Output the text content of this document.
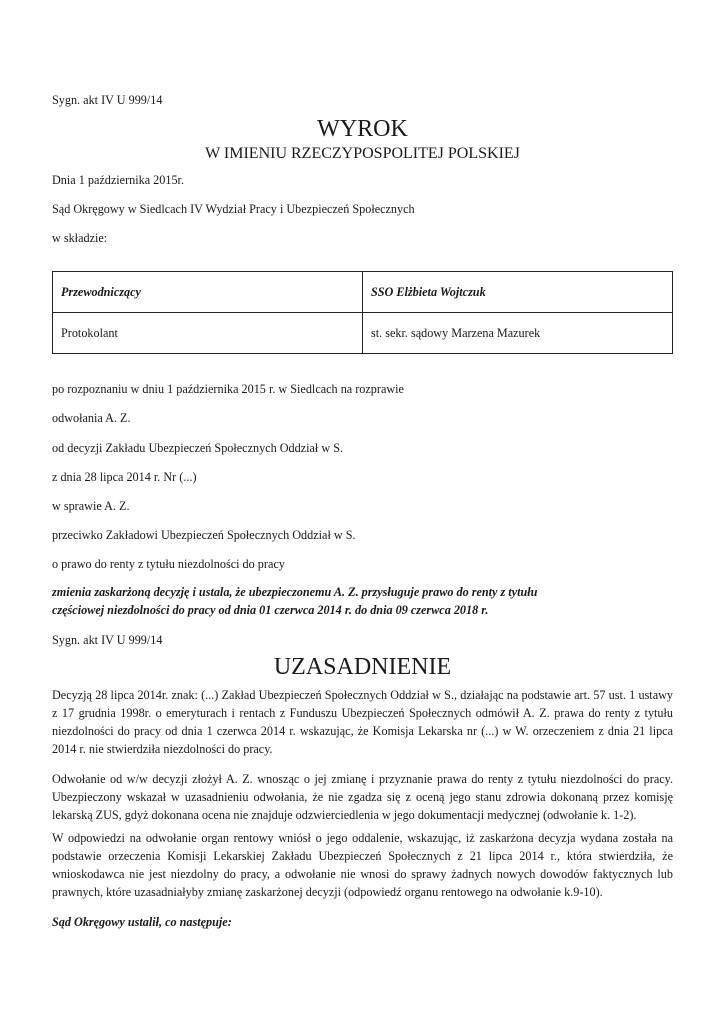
Sygn. akt IV U 999/14
WYROK
W IMIENIU RZECZYPOSPOLITEJ POLSKIEJ
Dnia 1 października 2015r.
Sąd Okręgowy w Siedlcach IV Wydział Pracy i Ubezpieczeń Społecznych
w składzie:
Przewodniczący	SSO Elżbieta Wojtczuk
Protokolant	st. sekr. sądowy Marzena Mazurek
po rozpoznaniu w dniu 1 października 2015 r. w Siedlcach na rozprawie
odwołania A. Z.
od decyzji Zakładu Ubezpieczeń Społecznych Oddział w S.
z dnia 28 lipca 2014 r. Nr (...)
w sprawie A. Z.
przeciwko Zakładowi Ubezpieczeń Społecznych Oddział w S.
o prawo do renty z tytułu niezdolności do pracy
zmienia zaskarżoną decyzję i ustala, że ubezpieczonemu A. Z. przysługuje prawo do renty z tytułu
częściowej niezdolności do pracy od dnia 01 czerwca 2014 r. do dnia 09 czerwca 2018 r.
Sygn. akt IV U 999/14
UZASADNIENIE
Decyzją 28 lipca 2014r. znak: (...) Zakład Ubezpieczeń Społecznych Oddział w S., działając na podstawie art. 57 ust. 1 ustawy z 17 grudnia 1998r. o emeryturach i rentach z Funduszu Ubezpieczeń Społecznych odmówił A. Z. prawa do renty z tytułu niezdolności do pracy od dnia 1 czerwca 2014 r. wskazując, że Komisja Lekarska nr (...) w W. orzeczeniem z dnia 21 lipca 2014 r. nie stwierdziła niezdolności do pracy.
Odwołanie od w/w decyzji złożył A. Z. wnosząc o jej zmianę i przyznanie prawa do renty z tytułu niezdolności do pracy. Ubezpieczony wskazał w uzasadnieniu odwołania, że nie zgadza się z oceną jego stanu zdrowia dokonaną przez komisję lekarską ZUS, gdyż dokonana ocena nie znajduje odzwierciedlenia w jego dokumentacji medycznej (odwołanie k. 1-2).
W odpowiedzi na odwołanie organ rentowy wniósł o jego oddalenie, wskazując, iż zaskarżona decyzja wydana została na podstawie orzeczenia Komisji Lekarskiej Zakładu Ubezpieczeń Społecznych z 21 lipca 2014 r., która stwierdziła, że wnioskodawca nie jest niezdolny do pracy, a odwołanie nie wnosi do sprawy żadnych nowych dowodów faktycznych lub prawnych, które uzasadniałyby zmianę zaskarżonej decyzji (odpowiedź organu rentowego na odwołanie k.9-10).
Sąd Okręgowy ustalił, co następuje:
